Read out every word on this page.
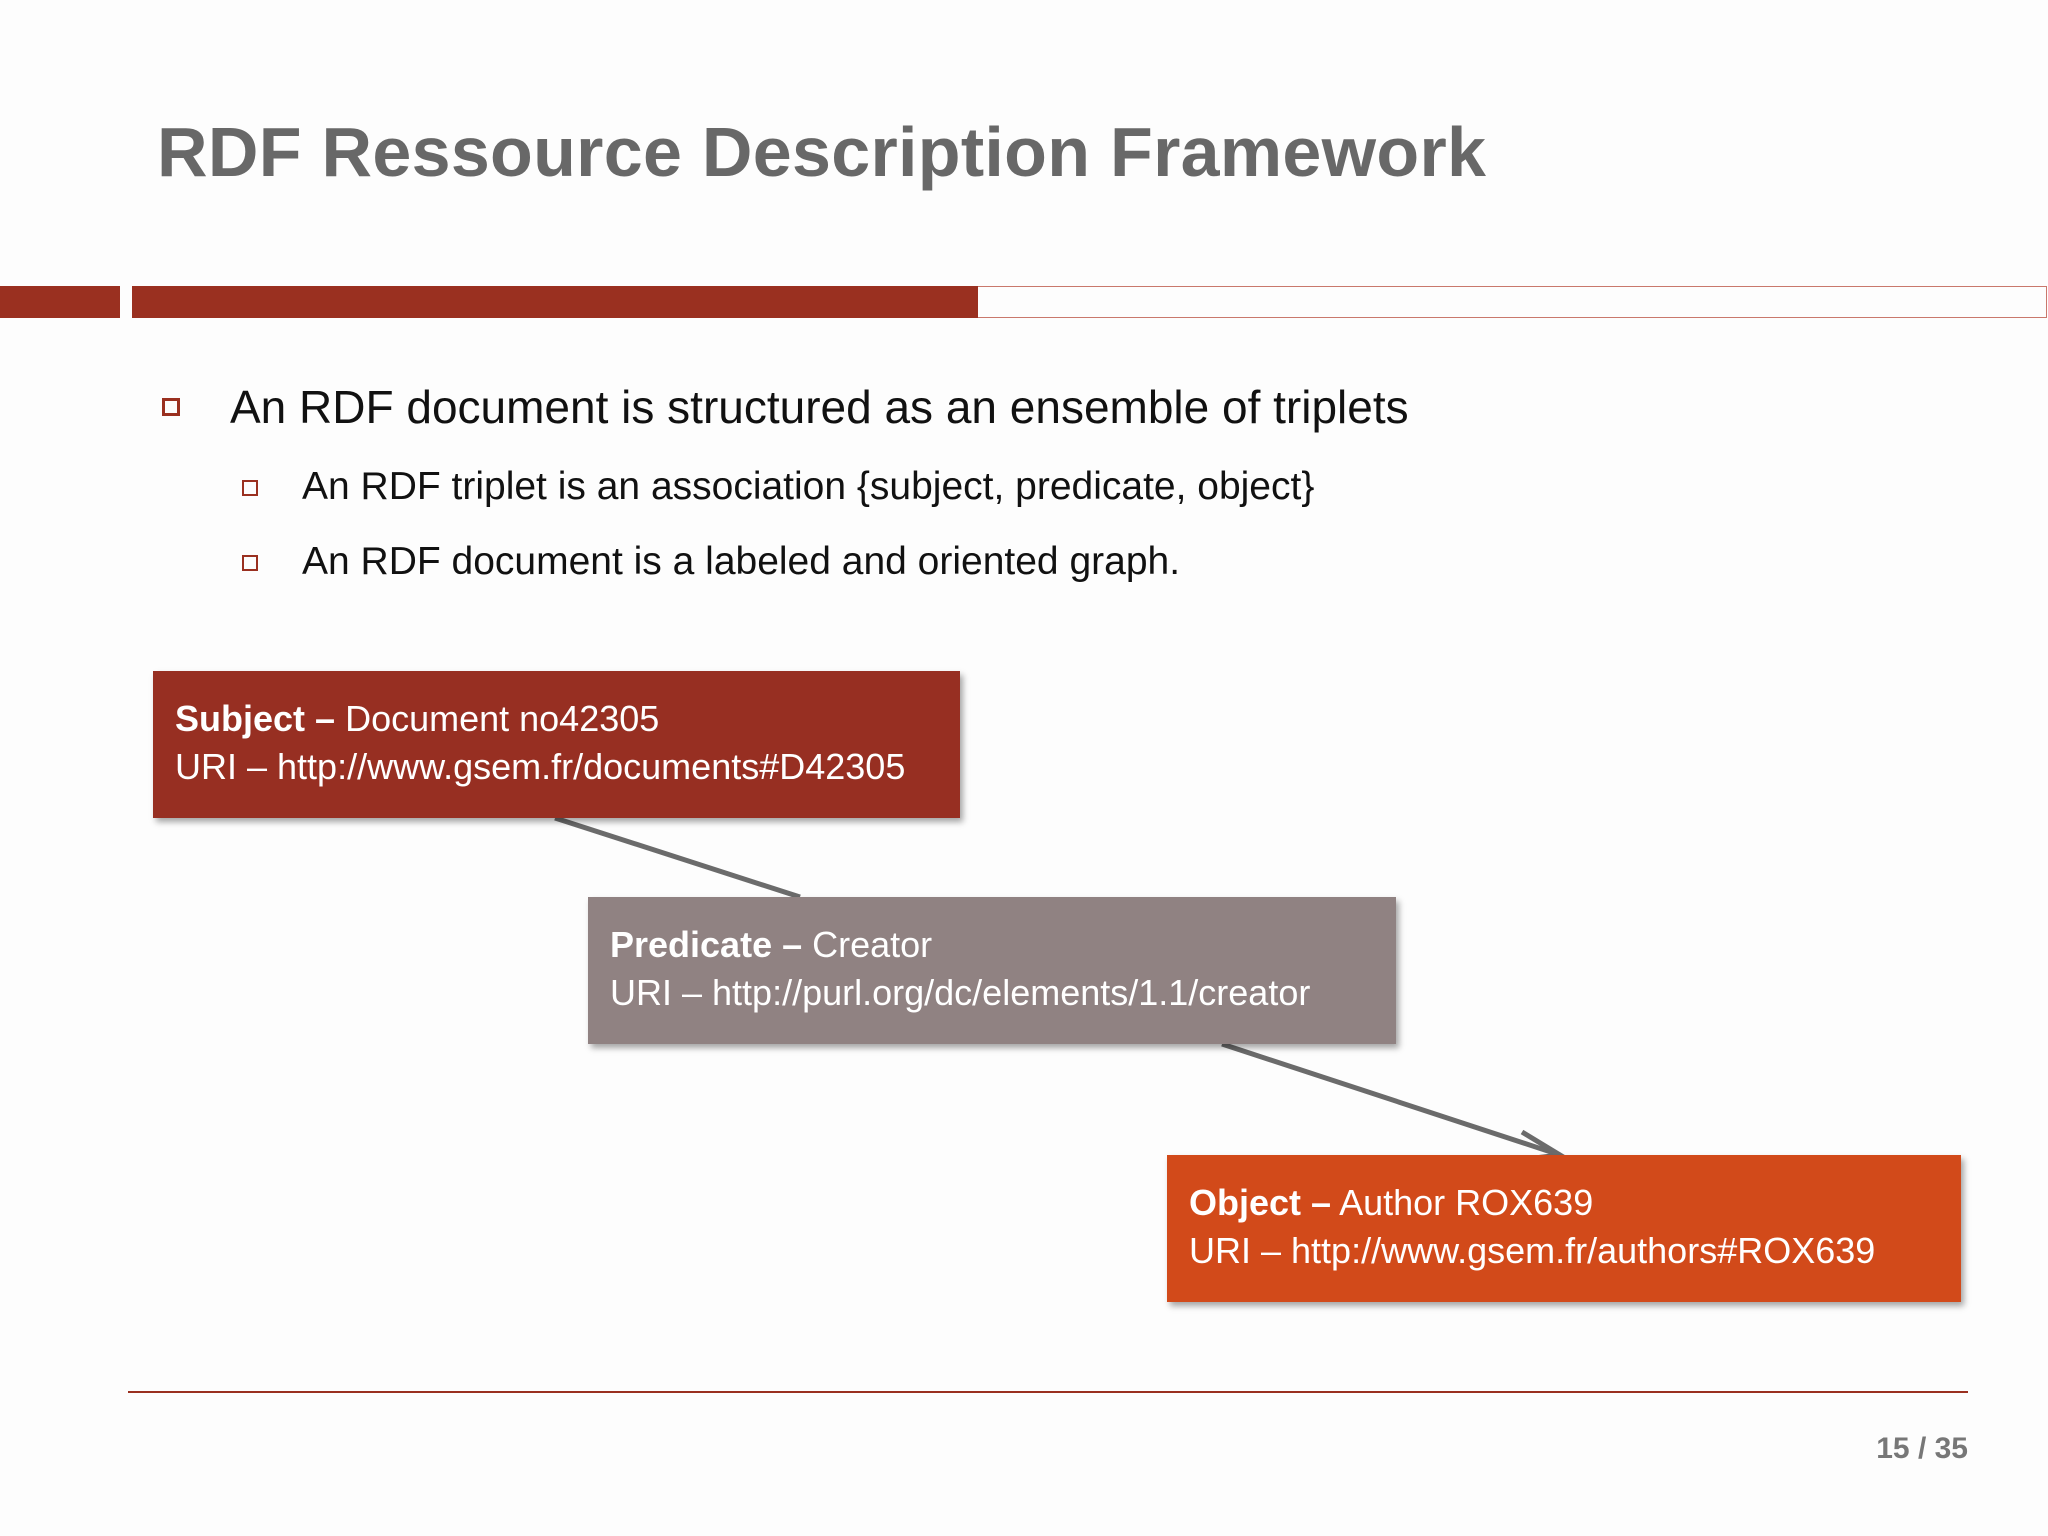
RDF Ressource Description Framework
An RDF document is structured as an ensemble of triplets
An RDF triplet is an association {subject, predicate, object}
An RDF document is a labeled and oriented graph.
Subject – Document no42305
URI – http://www.gsem.fr/documents#D42305
Predicate – Creator
URI – http://purl.org/dc/elements/1.1/creator
Object – Author ROX639
URI – http://www.gsem.fr/authors#ROX639
15 / 35
